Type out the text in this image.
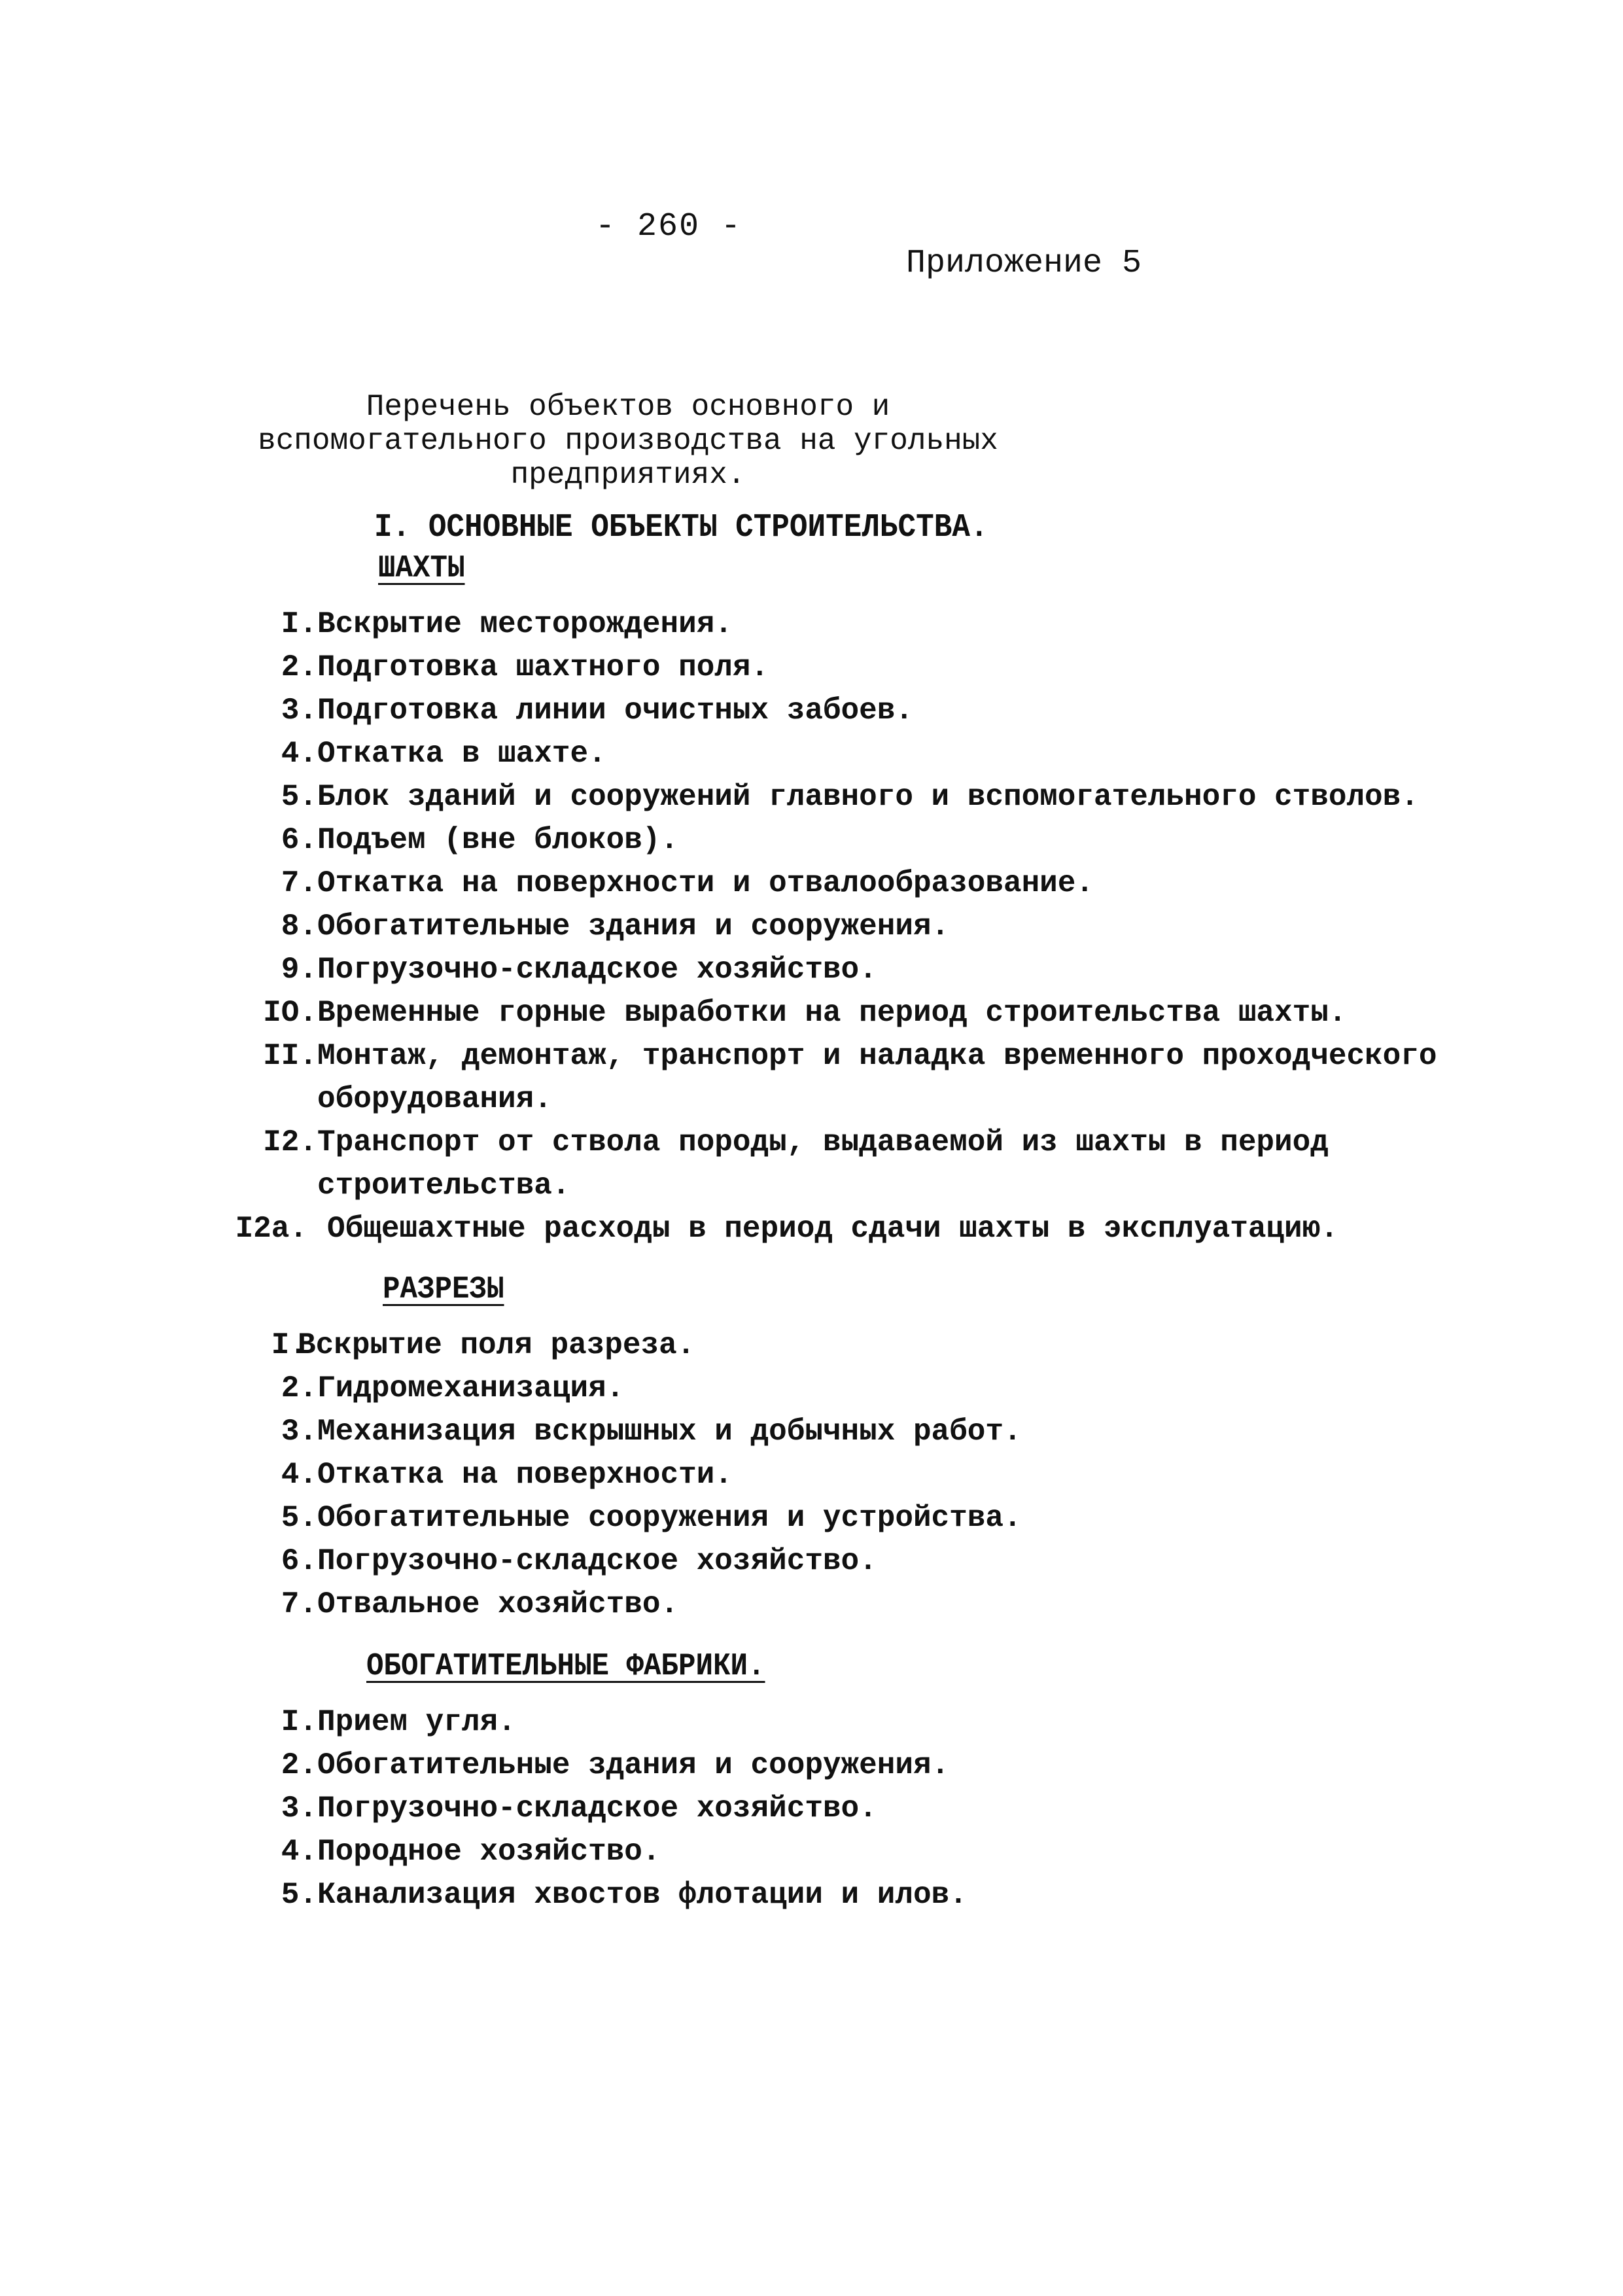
- 260 -
Приложение 5
Перечень объектов основного и
вспомогательного производства на угольных
предприятиях.
I. ОСНОВНЫЕ ОБЪЕКТЫ СТРОИТЕЛЬСТВА.
ШАХТЫ
I. Вскрытие месторождения.
2. Подготовка шахтного поля.
3. Подготовка линии очистных забоев.
4. Откатка в шахте.
5. Блок зданий и сооружений главного и вспомогательного стволов.
6. Подъем (вне блоков).
7. Откатка на поверхности и отвалообразование.
8. Обогатительные здания и сооружения.
9. Погрузочно-складское хозяйство.
IO. Временные горные выработки на период строительства шахты.
II. Монтаж, демонтаж, транспорт и наладка временного проходческого
оборудования.
I2. Транспорт от ствола породы, выдаваемой из шахты в период
строительства.
I2a. Общешахтные расходы в период сдачи шахты в эксплуатацию.
РАЗРЕЗЫ
I.
Вскрытие поля разреза.
2. Гидромеханизация.
3. Механизация вскрышных и добычных работ.
4. Откатка на поверхности.
5. Обогатительные сооружения и устройства.
6. Погрузочно-складское хозяйство.
7. Отвальное хозяйство.
ОБОГАТИТЕЛЬНЫЕ ФАБРИКИ.
I. Прием угля.
2. Обогатительные здания и сооружения.
3. Погрузочно-складское хозяйство.
4. Породное хозяйство.
5. Канализация хвостов флотации и илов.
